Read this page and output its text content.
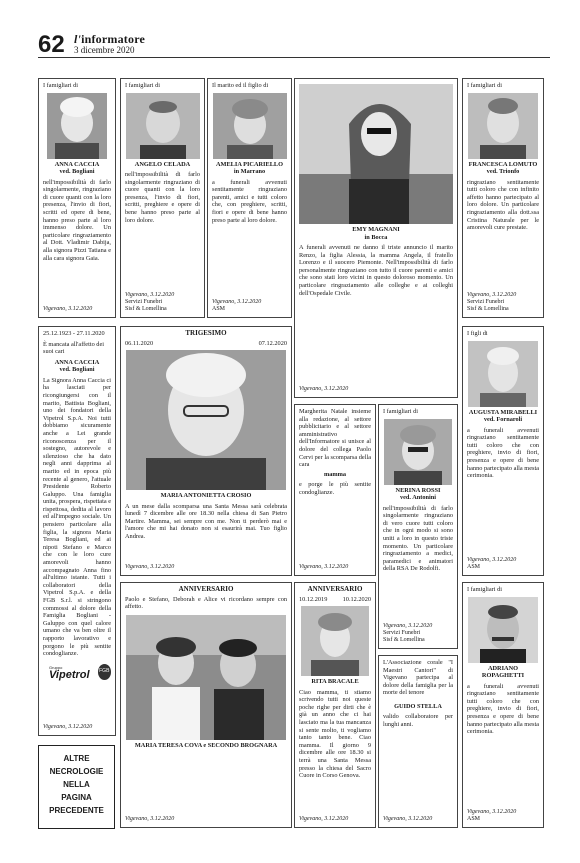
62 l'informatore
3 dicembre 2020
I famigliari di
ANNA CACCIA
ved. Bogliani
nell'impossibilità di farlo singolarmente, ringraziano di cuore quanti con la loro presenza, l'invio di fiori, scritti ed opere di bene, hanno preso parte al loro immenso dolore. Un particolare ringraziamento al Dott. Vladimir Dabija, alla signora Pizzi Tatiana e alla cara signora Gaia.
Vigevano, 3.12.2020
I famigliari di
ANGELO CELADA
nell'impossibilità di farlo singolarmente ringraziano di cuore quanti con la loro presenza, l'invio di fiori, scritti, preghiere e opere di bene hanno preso parte al loro dolore.
Vigevano, 3.12.2020
Servizi Funebri
Sisf & Lomellina
Il marito ed il figlio di
AMELIA PICARIELLO
in Marrano
a funerali avvenuti sentitamente ringraziano parenti, amici e tutti coloro che, con preghiere, scritti, fiori e opere di bene hanno preso parte al loro dolore.
Vigevano, 3.12.2020
ASM
EMY MAGNANI
in Bocca
A funerali avvenuti ne danno il triste annuncio il marito Renzo, la figlia Alessia, la mamma Angela, il fratello Lorenzo e il suocero Piemonte. Nell'impossibilità di farlo personalmente ringraziano con tutto il cuore parenti e amici che sono stati loro vicini in questo doloroso momento. Un particolare ringraziamento alle colleghe e ai colleghi dell'Ospedale Civile.
Vigevano, 3.12.2020
I famigliari di
FRANCESCA LOMUTO
ved. Trionfo
ringraziano sentitamente tutti coloro che con infinito affetto hanno partecipato al loro dolore. Un particolare ringraziamento alla dott.ssa Cristina Naturale per le amorevoli cure prestate.
Vigevano, 3.12.2020
Servizi Funebri
Sisf & Lomellina
25.12.1923 - 27.11.2020
È mancata all'affetto dei suoi cari
ANNA CACCIA
ved. Bogliani
La Signora Anna Caccia ci ha lasciati per ricongiungersi con il marito, Battista Bogliani, uno dei fondatori della Vipetrol S.p.A. Noi tutti dobbiamo sicuramente anche a Lei grande riconoscenza per il sostegno, autorevole e silenzioso che ha dato negli anni dapprima al marito ed in epoca più recente al genero, l'attuale Presidente Roberto Galuppo. Una famiglia unita, prospera, rispettata e rispettosa, dedita al lavoro ed all'impegno sociale. Un pensiero particolare alla figlia, la signora Maria Teresa Bogliani, ed ai nipoti Stefano e Marco che con le loro cure amorevoli hanno accompagnato Anna fino all'ultimo istante. Tutti i collaboratori della Vipetrol S.p.A. e della FGB S.r.l. si stringono commossi al dolore della Famiglia Bogliani - Galuppo con quel calore umano che va ben oltre il rapporto lavorativo e porgono le più sentite condoglianze.
Gruppo
Vipetrol	FGB
Vigevano, 3.12.2020
TRIGESIMO
06.11.2020	07.12.2020
MARIA ANTONIETTA CROSIO
A un mese dalla scomparsa una Santa Messa sarà celebrata lunedì 7 dicembre alle ore 18.30 nella chiesa di San Pietro Martire. Mamma, sei sempre con me. Non ti perderò mai e l'amore che mi hai donato non si esaurirà mai. Tuo figlio Andrea.
Vigevano, 3.12.2020
Margherita Natale insieme alla redazione, al settore pubblicitario e al settore amministrativo dell'Informatore si unisce al dolore del collega Paolo Cervi per la scomparsa della cara
mamma
e porge le più sentite condoglianze.
Vigevano, 3.12.2020
I famigliari di
NERINA ROSSI
ved. Antonini
nell'impossibilità di farlo singolarmente ringraziano di vero cuore tutti coloro che in ogni modo si sono uniti a loro in questo triste momento. Un particolare ringraziamento a medici, paramedici e animatori della RSA De Rodolfi.
Vigevano, 3.12.2020
Servizi Funebri
Sisf & Lomellina
I figli di
AUGUSTA MIRABELLI
ved. Fornaroli
a funerali avvenuti ringraziano sentitamente tutti coloro che con preghiere, invio di fiori, presenza e opere di bene hanno partecipato alla mesta cerimonia.
Vigevano, 3.12.2020
ASM
ANNIVERSARIO
Paolo e Stefano, Deborah e Alice vi ricordano sempre con affetto.
MARIA TERESA COVA e SECONDO BROGNARA
Vigevano, 3.12.2020
ANNIVERSARIO
10.12.2019 10.12.2020
RITA BRACALE
Ciao mamma, ti stiamo scrivendo tutti noi queste poche righe per dirti che è già un anno che ci hai lasciato ma la tua mancanza si sente molto, ti vogliamo tanto tanto bene. Ciao mamma. Il giorno 9 dicembre alle ore 18.30 si terrà una Santa Messa presso la chiesa del Sacro Cuore in Corso Genova.
Vigevano, 3.12.2020
L'Associazione corale "I Maestri Cantori" di Vigevano partecipa al dolore della famiglia per la morte del tenore
GUIDO STELLA
valido collaboratore per lunghi anni.
Vigevano, 3.12.2020
I famigliari di
ADRIANO
ROPAGHETTI
a funerali avvenuti ringraziano sentitamente tutti coloro che con preghiere, invio di fiori, presenza e opere di bene hanno partecipato alla mesta cerimonia.
Vigevano, 3.12.2020
ASM
ALTRE
NECROLOGIE
NELLA
PAGINA
PRECEDENTE
